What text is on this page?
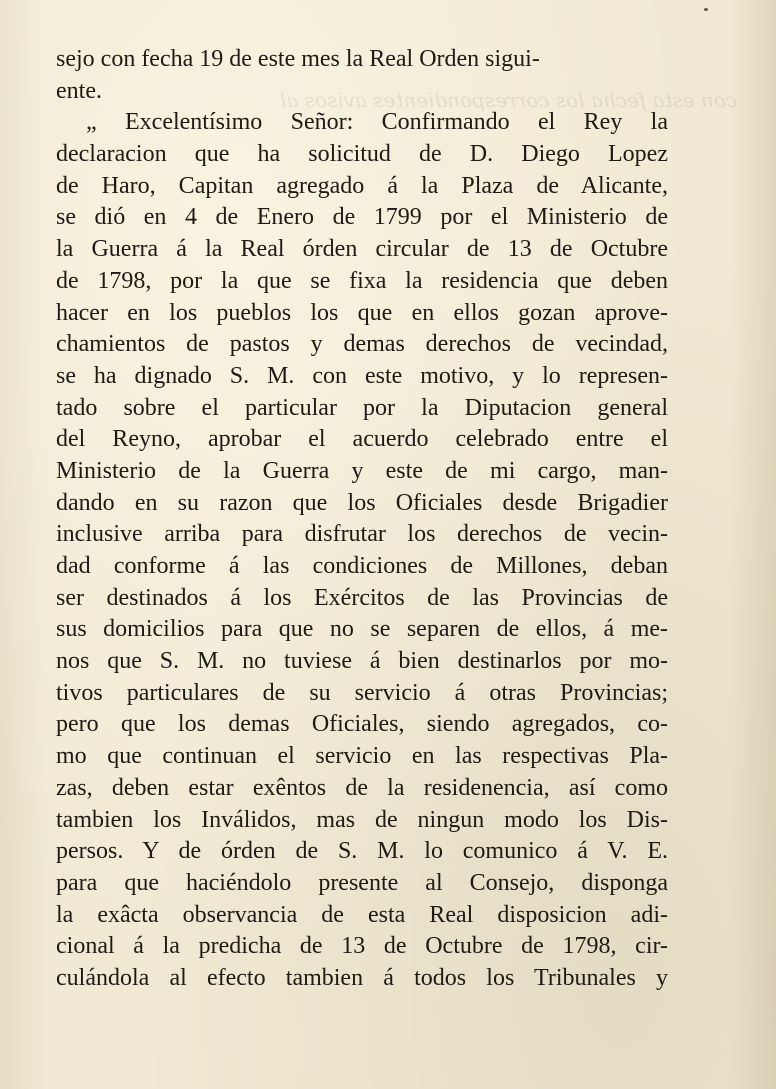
con esta fecha los correspondientes avisos al
sejo con fecha 19 de este mes la Real Orden sigui-
ente.
„ Excelentísimo Señor: Confirmando el Rey la
declaracion que ha solicitud de D. Diego Lopez
de Haro, Capitan agregado á la Plaza de Alicante,
se dió en 4 de Enero de 1799 por el Ministerio de
la Guerra á la Real órden circular de 13 de Octubre
de 1798, por la que se fixa la residencia que deben
hacer en los pueblos los que en ellos gozan aprove-
chamientos de pastos y demas derechos de vecindad,
se ha dignado S. M. con este motivo, y lo represen-
tado sobre el particular por la Diputacion general
del Reyno, aprobar el acuerdo celebrado entre el
Ministerio de la Guerra y este de mi cargo, man-
dando en su razon que los Oficiales desde Brigadier
inclusive arriba para disfrutar los derechos de vecin-
dad conforme á las condiciones de Millones, deban
ser destinados á los Exércitos de las Provincias de
sus domicilios para que no se separen de ellos, á me-
nos que S. M. no tuviese á bien destinarlos por mo-
tivos particulares de su servicio á otras Provincias;
pero que los demas Oficiales, siendo agregados, co-
mo que continuan el servicio en las respectivas Pla-
zas, deben estar exêntos de la residenencia, así como
tambien los Inválidos, mas de ningun modo los Dis-
persos. Y de órden de S. M. lo comunico á V. E.
para que haciéndolo presente al Consejo, disponga
la exâcta observancia de esta Real disposicion adi-
cional á la predicha de 13 de Octubre de 1798, cir-
culándola al efecto tambien á todos los Tribunales y
